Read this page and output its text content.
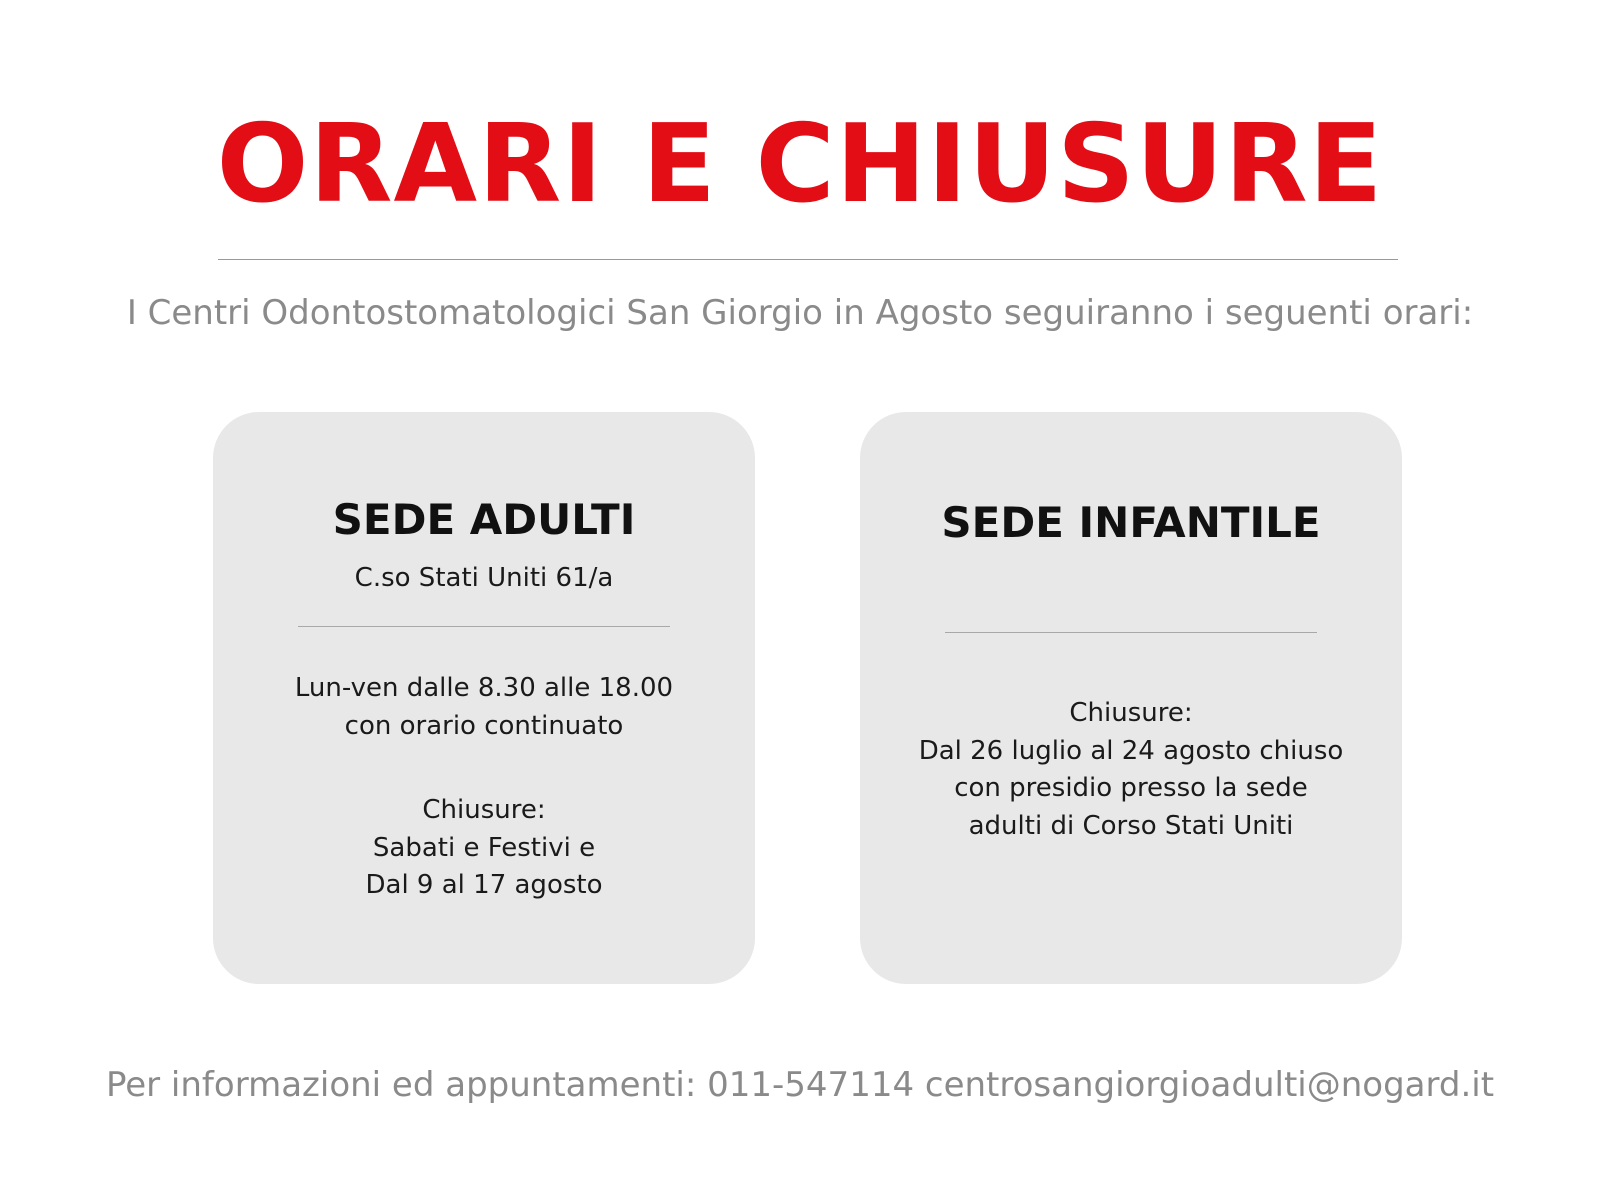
ORARI E CHIUSURE
I Centri Odontostomatologici San Giorgio in Agosto seguiranno i seguenti orari:
SEDE ADULTI
C.so Stati Uniti 61/a
Lun-ven dalle 8.30 alle 18.00
con orario continuato
Chiusure:
Sabati e Festivi e
Dal 9 al 17 agosto
SEDE INFANTILE
Chiusure:
Dal 26 luglio al 24 agosto chiuso
con presidio presso la sede
adulti di Corso Stati Uniti
Per informazioni ed appuntamenti: 011-547114 centrosangiorgioadulti@nogard.it
